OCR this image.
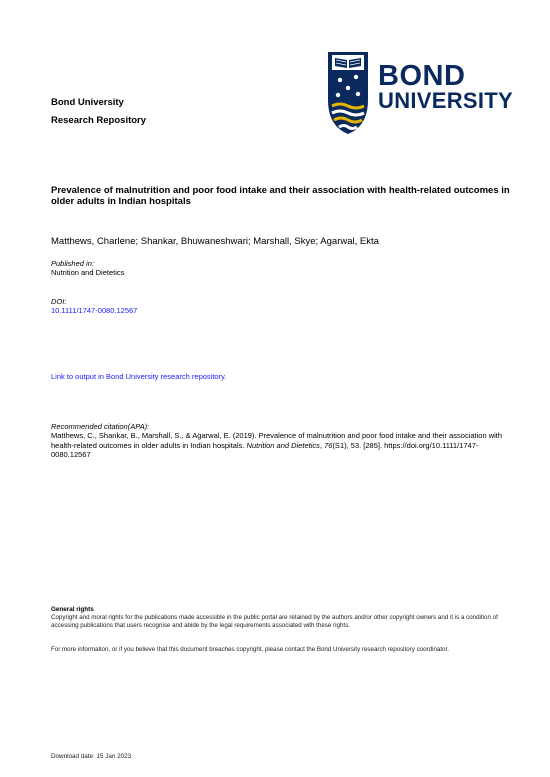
Bond University
Research Repository
BOND
UNIVERSITY
Prevalence of malnutrition and poor food intake and their association with health-related outcomes in older adults in Indian hospitals
Matthews, Charlene; Shankar, Bhuwaneshwari; Marshall, Skye; Agarwal, Ekta
Published in:
Nutrition and Dietetics
DOI:
10.1111/1747-0080.12567
Link to output in Bond University research repository.
Recommended citation(APA):
Matthews, C., Shankar, B., Marshall, S., & Agarwal, E. (2019). Prevalence of malnutrition and poor food intake and their association with health-related outcomes in older adults in Indian hospitals. Nutrition and Dietetics, 76(S1), 53. [285]. https://doi.org/10.1111/1747-0080.12567
General rights
Copyright and moral rights for the publications made accessible in the public portal are retained by the authors and/or other copyright owners and it is a condition of accessing publications that users recognise and abide by the legal requirements associated with these rights.
For more information, or if you believe that this document breaches copyright, please contact the Bond University research repository coordinator.
Download date: 15 Jan 2023
